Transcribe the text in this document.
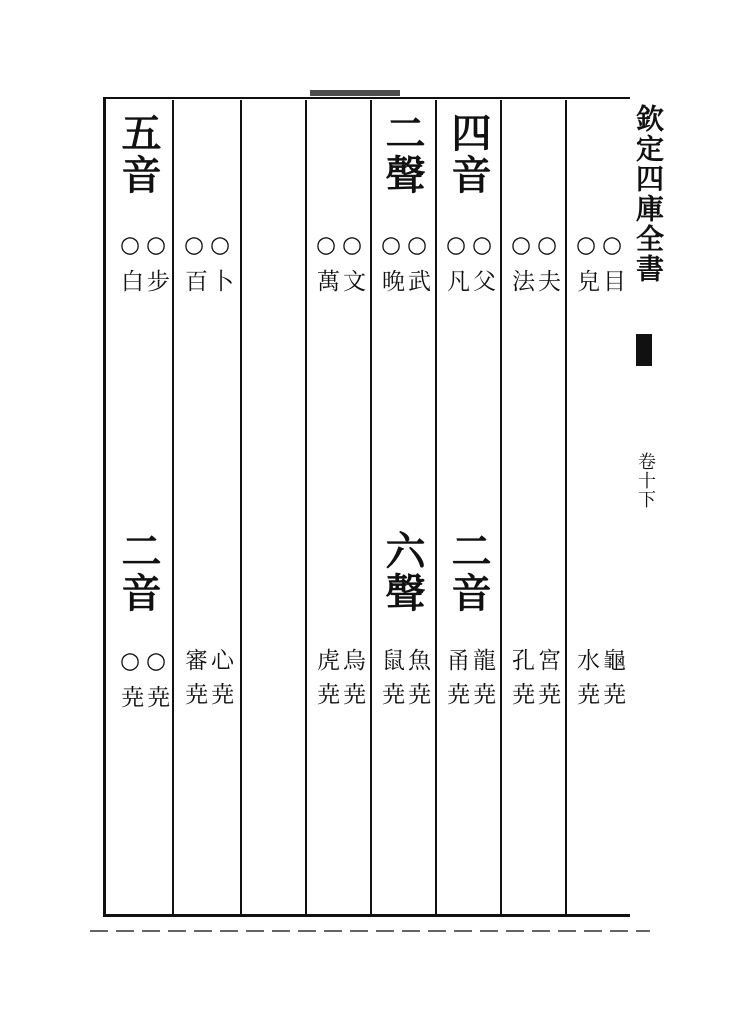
五音
○步
○白
二音
○尭
○尭
○卜
○百
心尭
審尭
○文
○萬
烏尭
虎尭
二聲
○武
○晚
六聲
魚尭
鼠尭
四音
○父
○凡
二音
龍尭
甬尭
○夫
○法
宮尭
孔尭
○目
○皃
龜尭
水尭
欽定四庫全書
卷十下
